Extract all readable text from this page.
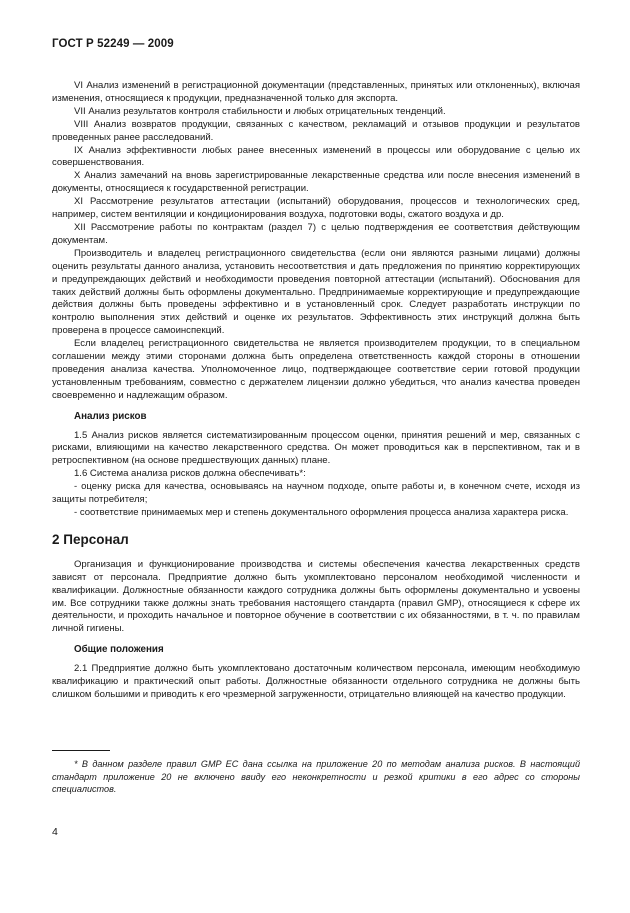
ГОСТ Р 52249 — 2009

VI Анализ изменений в регистрационной документации (представленных, принятых или отклоненных), включая изменения, относящиеся к продукции, предназначенной только для экспорта.

VII Анализ результатов контроля стабильности и любых отрицательных тенденций.

VIII Анализ возвратов продукции, связанных с качеством, рекламаций и отзывов продукции и результатов проведенных ранее расследований.

IX Анализ эффективности любых ранее внесенных изменений в процессы или оборудование с целью их совершенствования.

X Анализ замечаний на вновь зарегистрированные лекарственные средства или после внесения изменений в документы, относящиеся к государственной регистрации.

XI Рассмотрение результатов аттестации (испытаний) оборудования, процессов и технологических сред, например, систем вентиляции и кондиционирования воздуха, подготовки воды, сжатого воздуха и др.

XII Рассмотрение работы по контрактам (раздел 7) с целью подтверждения ее соответствия действующим документам.

Производитель и владелец регистрационного свидетельства (если они являются разными лицами) должны оценить результаты данного анализа, установить несоответствия и дать предложения по принятию корректирующих и предупреждающих действий и необходимости проведения повторной аттестации (испытаний). Обоснования для таких действий должны быть оформлены документально. Предпринимаемые корректирующие и предупреждающие действия должны быть проведены эффективно и в установленный срок. Следует разработать инструкции по контролю выполнения этих действий и оценке их результатов. Эффективность этих инструкций должна быть проверена в процессе самоинспекций.

Если владелец регистрационного свидетельства не является производителем продукции, то в специальном соглашении между этими сторонами должна быть определена ответственность каждой стороны в отношении проведения анализа качества. Уполномоченное лицо, подтверждающее соответствие серии готовой продукции установленным требованиям, совместно с держателем лицензии должно убедиться, что анализ качества проведен своевременно и надлежащим образом.

Анализ рисков

1.5 Анализ рисков является систематизированным процессом оценки, принятия решений и мер, связанных с рисками, влияющими на качество лекарственного средства. Он может проводиться как в перспективном, так и в ретроспективном (на основе предшествующих данных) плане.

1.6 Система анализа рисков должна обеспечивать*:

- оценку риска для качества, основываясь на научном подходе, опыте работы и, в конечном счете, исходя из защиты потребителя;

- соответствие принимаемых мер и степень документального оформления процесса анализа характера риска.

2 Персонал

Организация и функционирование производства и системы обеспечения качества лекарственных средств зависят от персонала. Предприятие должно быть укомплектовано персоналом необходимой численности и квалификации. Должностные обязанности каждого сотрудника должны быть оформлены документально и усвоены им. Все сотрудники также должны знать требования настоящего стандарта (правил GMP), относящиеся к сфере их деятельности, и проходить начальное и повторное обучение в соответствии с их обязанностями, в т. ч. по правилам личной гигиены.

Общие положения

2.1 Предприятие должно быть укомплектовано достаточным количеством персонала, имеющим необходимую квалификацию и практический опыт работы. Должностные обязанности отдельного сотрудника не должны быть слишком большими и приводить к его чрезмерной загруженности, отрицательно влияющей на качество продукции.

* В данном разделе правил GMP ЕС дана ссылка на приложение 20 по методам анализа рисков. В настоящий стандарт приложение 20 не включено ввиду его неконкретности и резкой критики в его адрес со стороны специалистов.
4
